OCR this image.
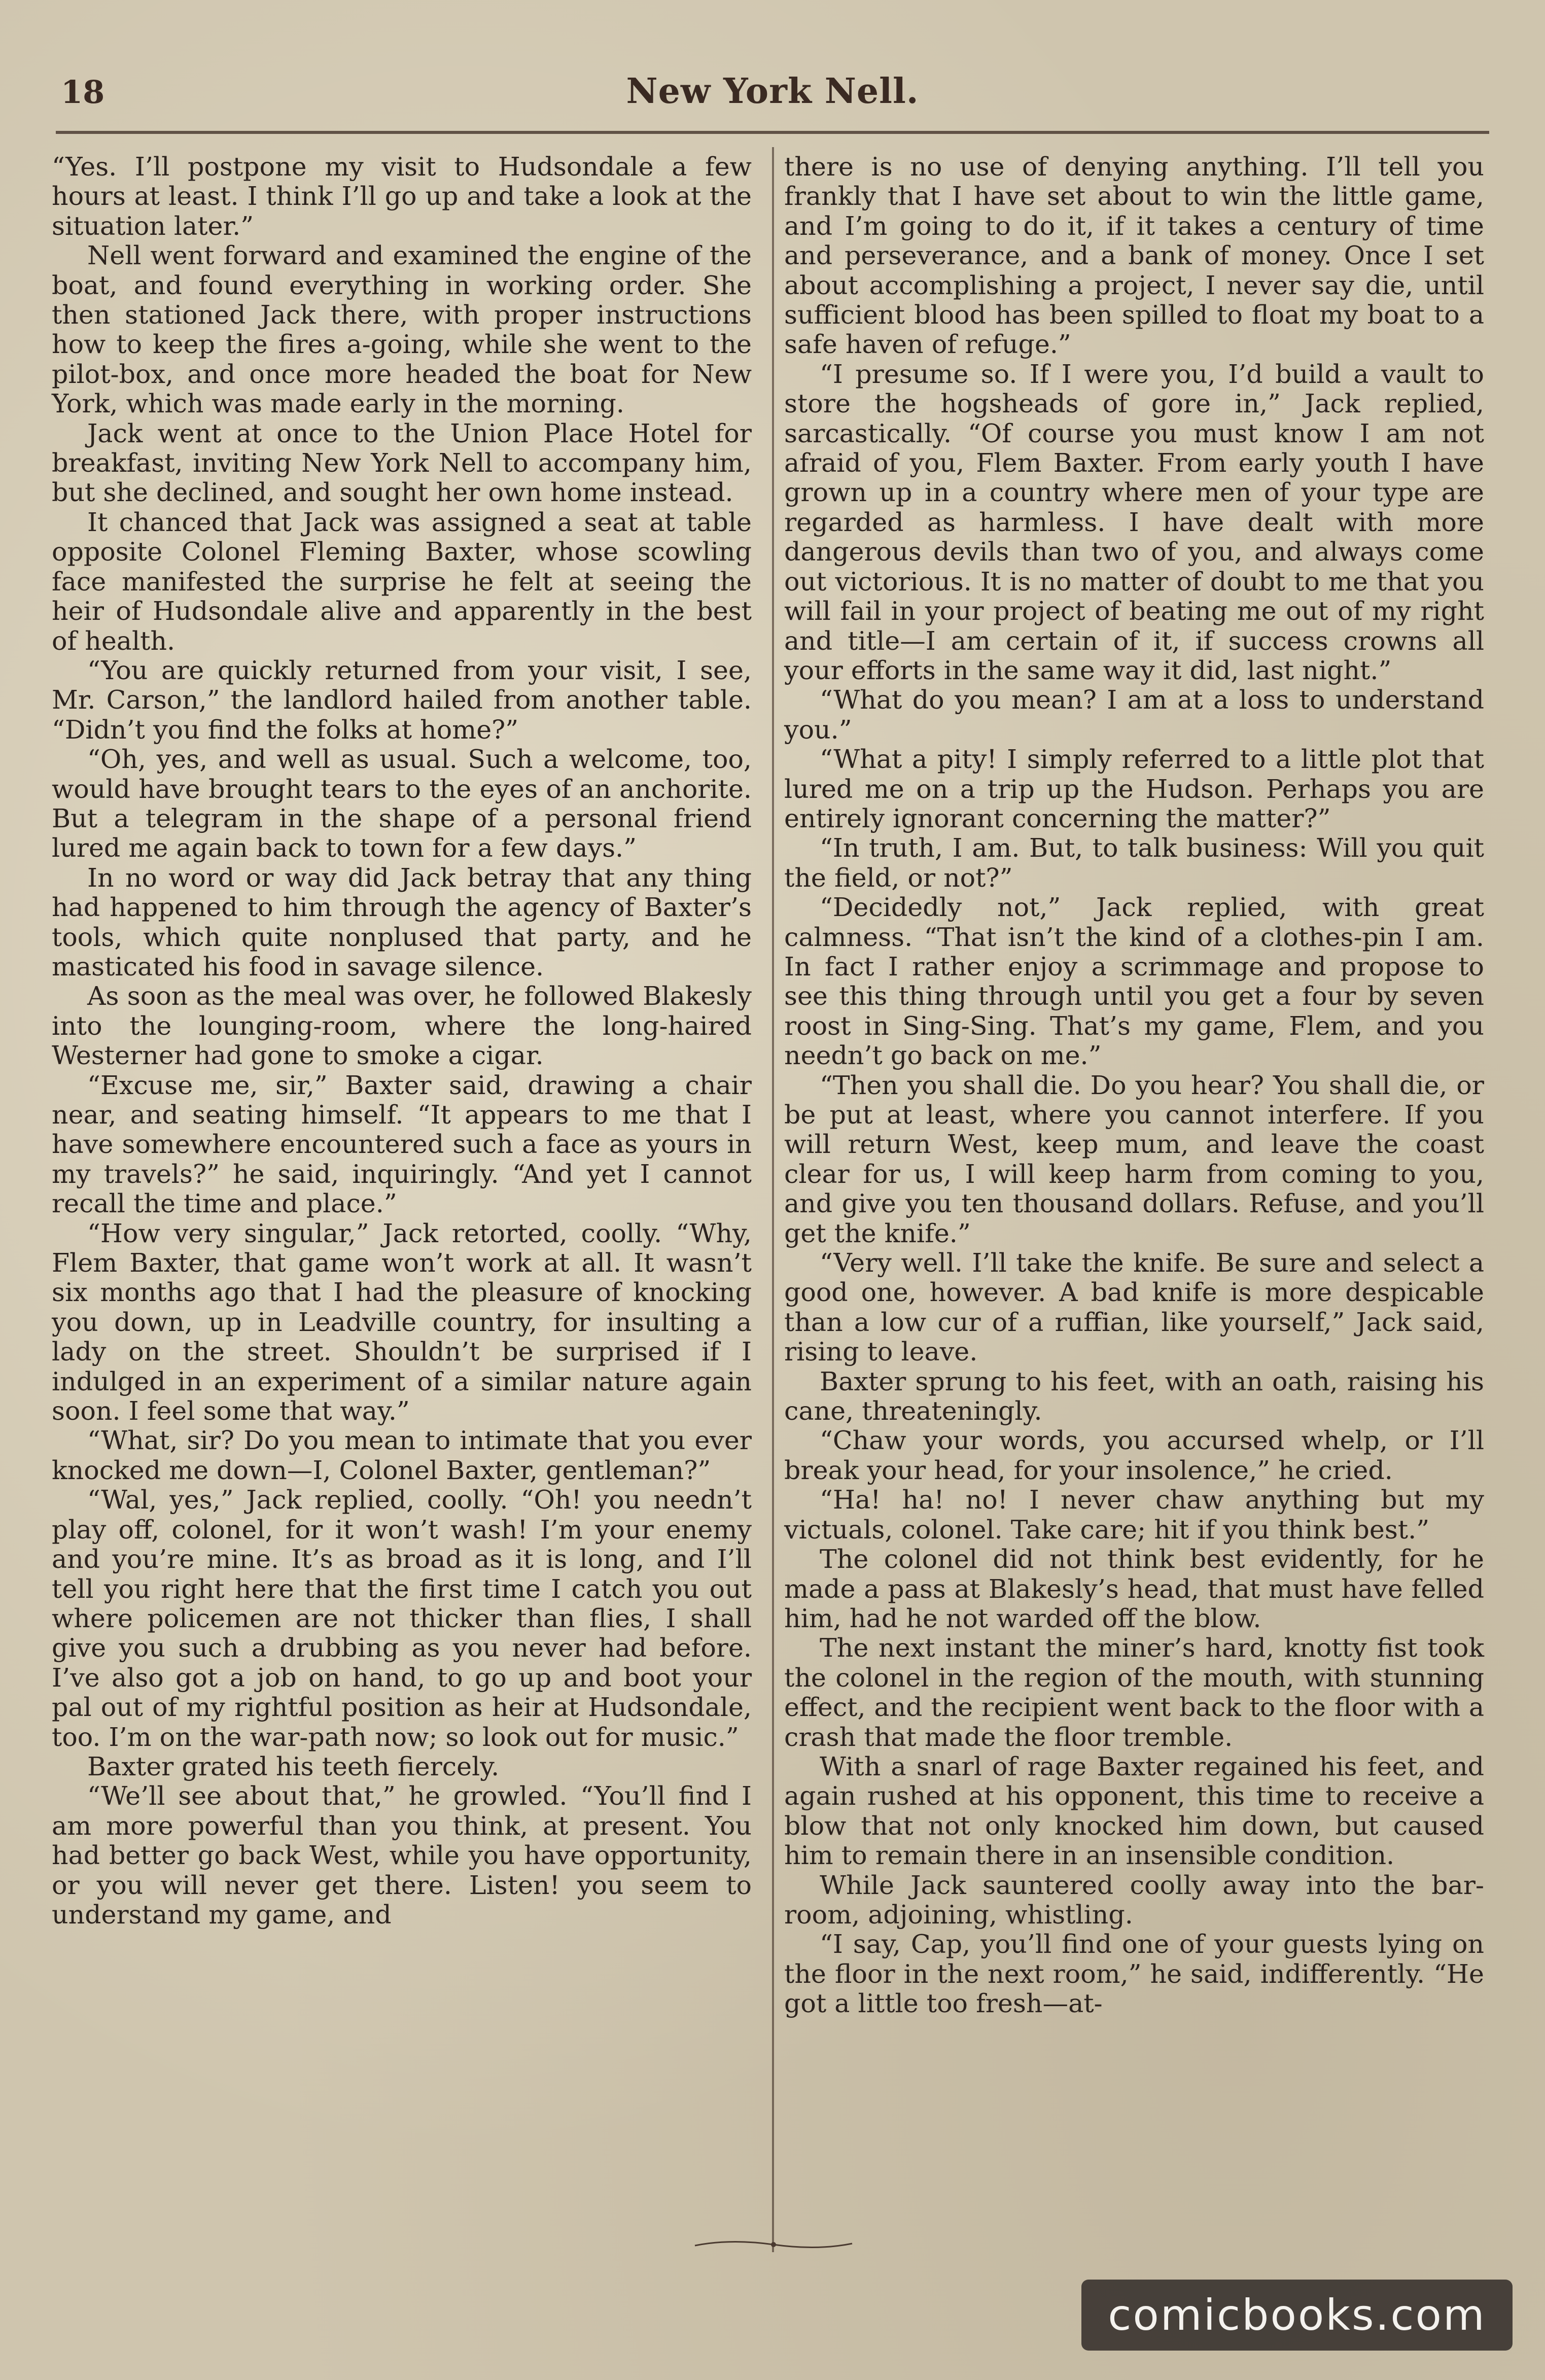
18	New York Nell.

“Yes. I’ll postpone my visit to Hudsondale a few hours at least. I think I’ll go up and take a look at the situation later.”

Nell went forward and examined the engine of the boat, and found everything in working order. She then stationed Jack there, with proper instructions how to keep the fires a-going, while she went to the pilot-box, and once more headed the boat for New York, which was made early in the morning.

Jack went at once to the Union Place Hotel for breakfast, inviting New York Nell to accompany him, but she declined, and sought her own home instead.

It chanced that Jack was assigned a seat at table opposite Colonel Fleming Baxter, whose scowling face manifested the surprise he felt at seeing the heir of Hudsondale alive and apparently in the best of health.

“You are quickly returned from your visit, I see, Mr. Carson,” the landlord hailed from another table. “Didn’t you find the folks at home?”

“Oh, yes, and well as usual. Such a welcome, too, would have brought tears to the eyes of an anchorite. But a telegram in the shape of a personal friend lured me again back to town for a few days.”

In no word or way did Jack betray that any thing had happened to him through the agency of Baxter’s tools, which quite nonplused that party, and he masticated his food in savage silence.

As soon as the meal was over, he followed Blakesly into the lounging-room, where the long-haired Westerner had gone to smoke a cigar.

“Excuse me, sir,” Baxter said, drawing a chair near, and seating himself. “It appears to me that I have somewhere encountered such a face as yours in my travels?” he said, inquiringly. “And yet I cannot recall the time and place.”

“How very singular,” Jack retorted, coolly. “Why, Flem Baxter, that game won’t work at all. It wasn’t six months ago that I had the pleasure of knocking you down, up in Leadville country, for insulting a lady on the street. Shouldn’t be surprised if I indulged in an experiment of a similar nature again soon. I feel some that way.”

“What, sir? Do you mean to intimate that you ever knocked me down—I, Colonel Baxter, gentleman?”

“Wal, yes,” Jack replied, coolly. “Oh! you needn’t play off, colonel, for it won’t wash! I’m your enemy and you’re mine. It’s as broad as it is long, and I’ll tell you right here that the first time I catch you out where policemen are not thicker than flies, I shall give you such a drubbing as you never had before. I’ve also got a job on hand, to go up and boot your pal out of my rightful position as heir at Hudsondale, too. I’m on the war-path now; so look out for music.”

Baxter grated his teeth fiercely.

“We’ll see about that,” he growled. “You’ll find I am more powerful than you think, at present. You had better go back West, while you have opportunity, or you will never get there. Listen! you seem to understand my game, and

there is no use of denying anything. I’ll tell you frankly that I have set about to win the little game, and I’m going to do it, if it takes a century of time and perseverance, and a bank of money. Once I set about accomplishing a project, I never say die, until sufficient blood has been spilled to float my boat to a safe haven of refuge.”

“I presume so. If I were you, I’d build a vault to store the hogsheads of gore in,” Jack replied, sarcastically. “Of course you must know I am not afraid of you, Flem Baxter. From early youth I have grown up in a country where men of your type are regarded as harmless. I have dealt with more dangerous devils than two of you, and always come out victorious. It is no matter of doubt to me that you will fail in your project of beating me out of my right and title—I am certain of it, if success crowns all your efforts in the same way it did, last night.”

“What do you mean? I am at a loss to understand you.”

“What a pity! I simply referred to a little plot that lured me on a trip up the Hudson. Perhaps you are entirely ignorant concerning the matter?”

“In truth, I am. But, to talk business: Will you quit the field, or not?”

“Decidedly not,” Jack replied, with great calmness. “That isn’t the kind of a clothes-pin I am. In fact I rather enjoy a scrimmage and propose to see this thing through until you get a four by seven roost in Sing-Sing. That’s my game, Flem, and you needn’t go back on me.”

“Then you shall die. Do you hear? You shall die, or be put at least, where you cannot interfere. If you will return West, keep mum, and leave the coast clear for us, I will keep harm from coming to you, and give you ten thousand dollars. Refuse, and you’ll get the knife.”

“Very well. I’ll take the knife. Be sure and select a good one, however. A bad knife is more despicable than a low cur of a ruffian, like yourself,” Jack said, rising to leave.

Baxter sprung to his feet, with an oath, raising his cane, threateningly.

“Chaw your words, you accursed whelp, or I’ll break your head, for your insolence,” he cried.

“Ha! ha! no! I never chaw anything but my victuals, colonel. Take care; hit if you think best.”

The colonel did not think best evidently, for he made a pass at Blakesly’s head, that must have felled him, had he not warded off the blow.

The next instant the miner’s hard, knotty fist took the colonel in the region of the mouth, with stunning effect, and the recipient went back to the floor with a crash that made the floor tremble.

With a snarl of rage Baxter regained his feet, and again rushed at his opponent, this time to receive a blow that not only knocked him down, but caused him to remain there in an insensible condition.

While Jack sauntered coolly away into the bar-room, adjoining, whistling.

“I say, Cap, you’ll find one of your guests lying on the floor in the next room,” he said, indifferently. “He got a little too fresh—at-

comicbooks.com
